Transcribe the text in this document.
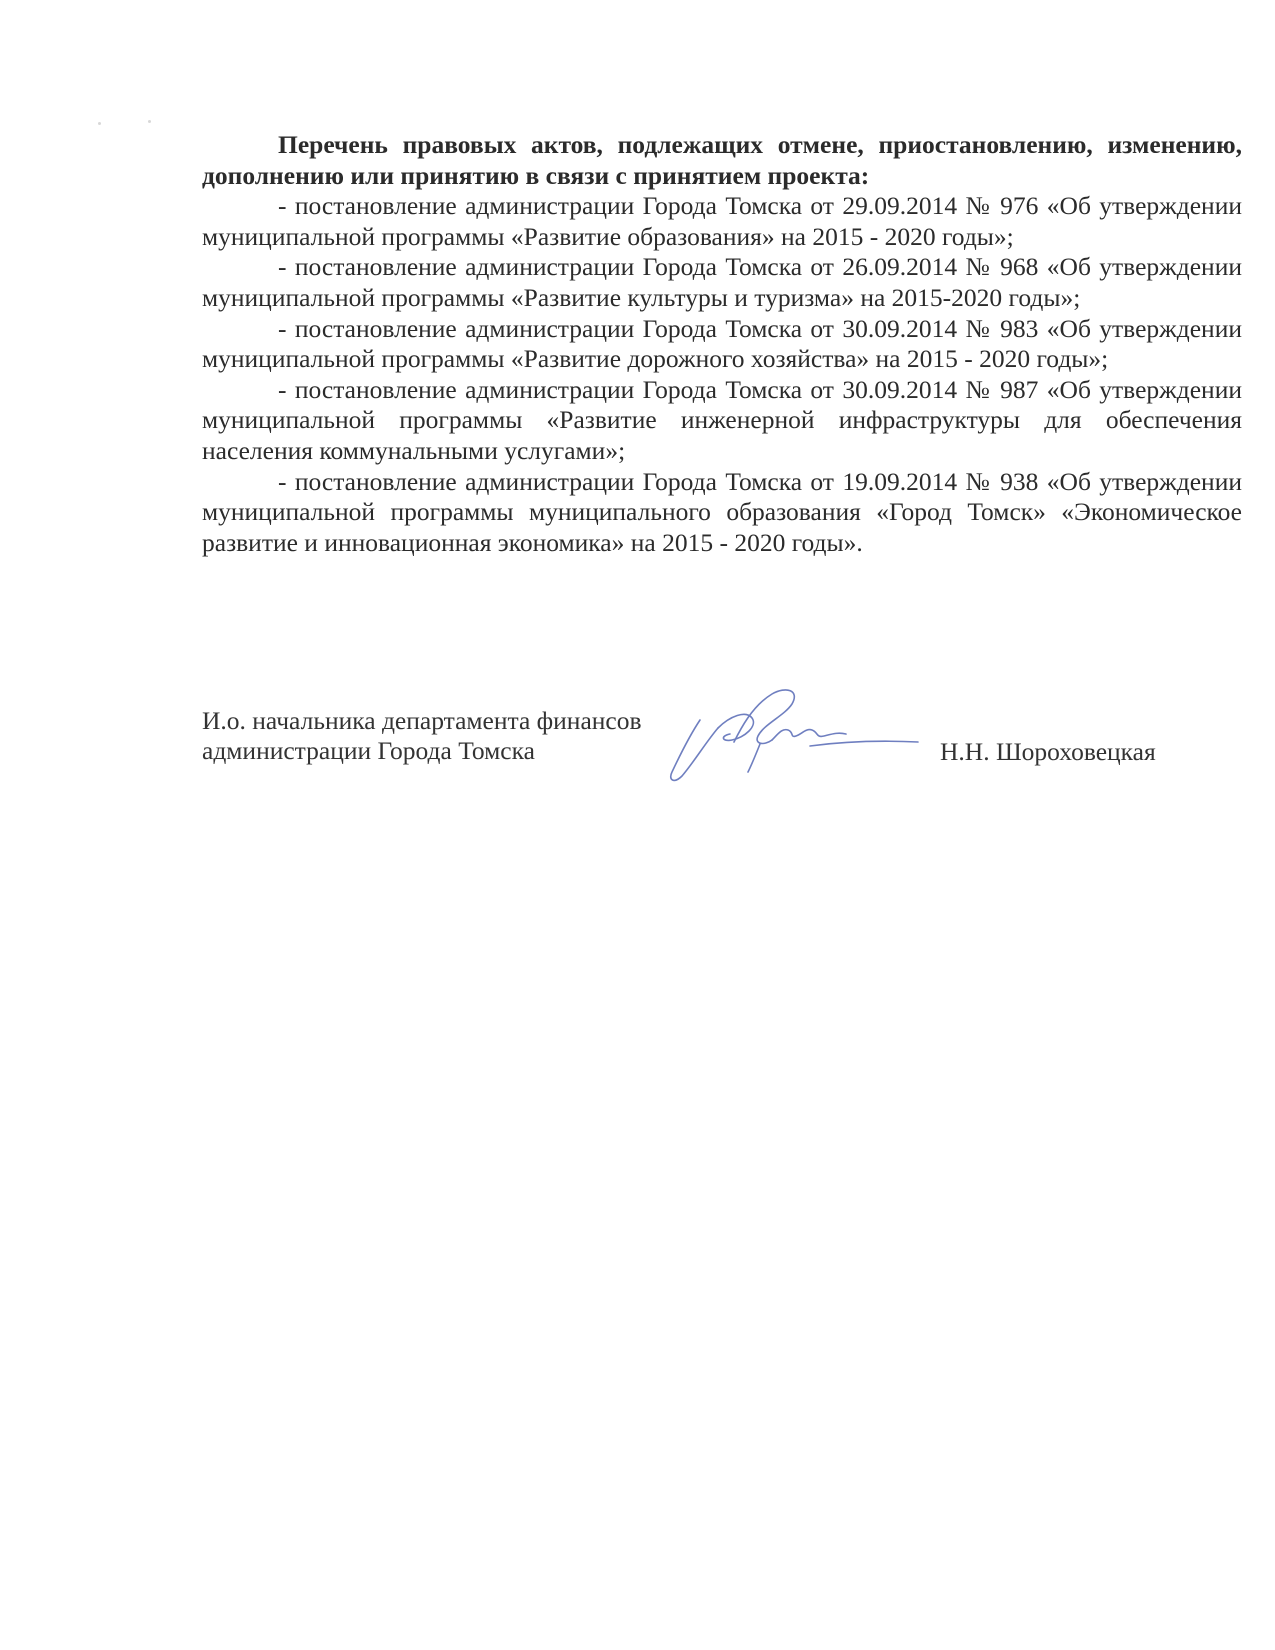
Перечень правовых актов, подлежащих отмене, приостановлению, изменению, дополнению или принятию в связи с принятием проекта:

- постановление администрации Города Томска от 29.09.2014 № 976 «Об утверждении муниципальной программы «Развитие образования» на 2015 - 2020 годы»;

- постановление администрации Города Томска от 26.09.2014 № 968 «Об утверждении муниципальной программы «Развитие культуры и туризма» на 2015-2020 годы»;

- постановление администрации Города Томска от 30.09.2014 № 983 «Об утверждении муниципальной программы «Развитие дорожного хозяйства» на 2015 - 2020 годы»;

- постановление администрации Города Томска от 30.09.2014 № 987 «Об утверждении муниципальной программы «Развитие инженерной инфраструктуры для обеспечения населения коммунальными услугами»;

- постановление администрации Города Томска от 19.09.2014 № 938 «Об утверждении муниципальной программы муниципального образования «Город Томск» «Экономическое развитие и инновационная экономика» на 2015 - 2020 годы».

И.о. начальника департамента финансов
администрации Города Томска	Н.Н. Шороховецкая
